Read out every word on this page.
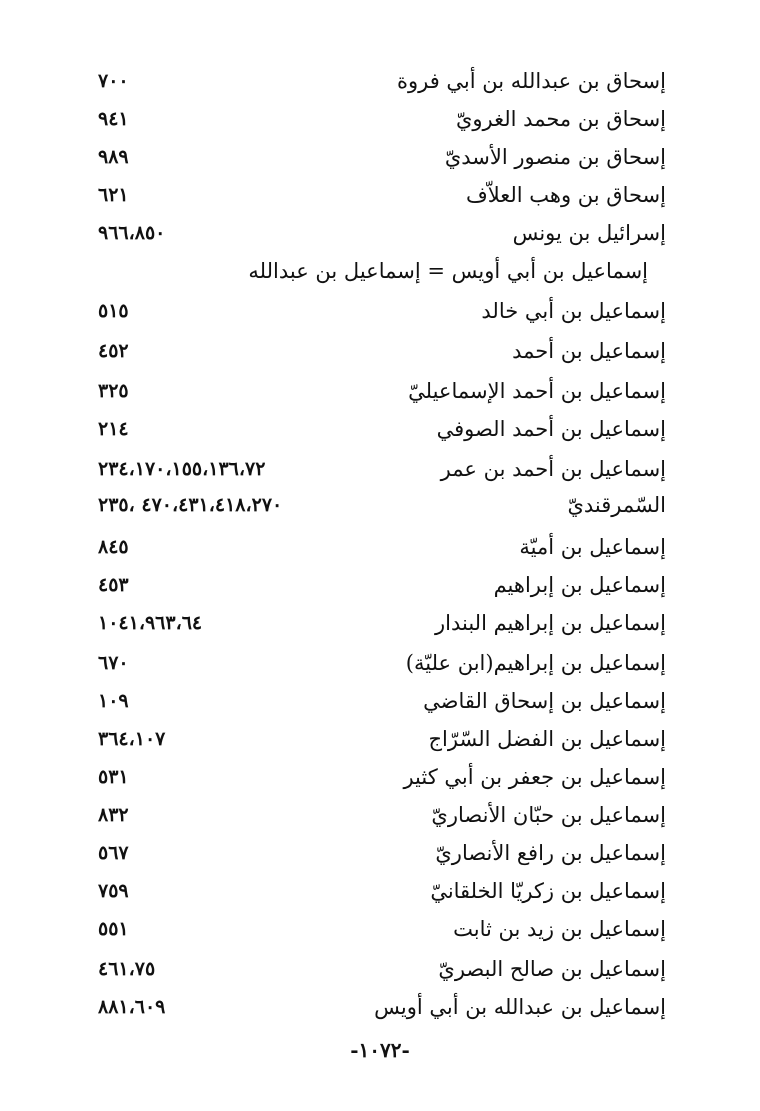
إسحاق بن عبدالله بن أبي فروة
٧٠٠
إسحاق بن محمد الغرويّ
٩٤١
إسحاق بن منصور الأسديّ
٩٨٩
إسحاق بن وهب العلاّف
٦٢١
إسرائيل بن يونس
٩٦٦،٨٥٠
إسماعيل بن أبي أويس = إسماعيل بن عبدالله
إسماعيل بن أبي خالد
٥١٥
إسماعيل بن أحمد
٤٥٢
إسماعيل بن أحمد الإسماعيليّ
٣٢٥
إسماعيل بن أحمد الصوفي
٢١٤
إسماعيل بن أحمد بن عمر
٢٣٤،١٧٠،١٥٥،١٣٦،٧٢
السّمرقنديّ
٤٧٠،٤٣١،٤١٨،٢٧٠ ،٢٣٥
إسماعيل بن أميّة
٨٤٥
إسماعيل بن إبراهيم
٤٥٣
إسماعيل بن إبراهيم البندار
١٠٤١،٩٦٣،٦٤
إسماعيل بن إبراهيم(ابن عليّة)
٦٧٠
إسماعيل بن إسحاق القاضي
١٠٩
إسماعيل بن الفضل السّرّاج
٣٦٤،١٠٧
إسماعيل بن جعفر بن أبي كثير
٥٣١
إسماعيل بن حبّان الأنصاريّ
٨٣٢
إسماعيل بن رافع الأنصاريّ
٥٦٧
إسماعيل بن زكريّا الخلقانيّ
٧٥٩
إسماعيل بن زيد بن ثابت
٥٥١
إسماعيل بن صالح البصريّ
٤٦١،٧٥
إسماعيل بن عبدالله بن أبي أويس
٨٨١،٦٠٩
-١٠٧٢-
